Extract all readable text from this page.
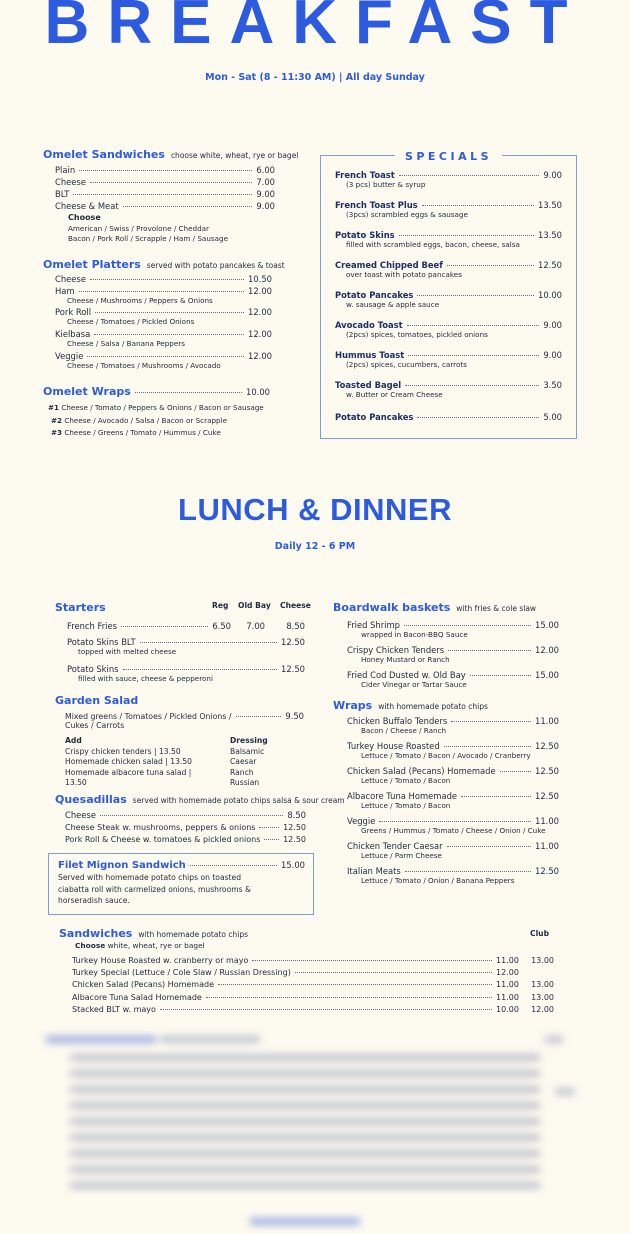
BREAKFAST
Mon - Sat (8 - 11:30 AM) | All day Sunday
Omelet Sandwiches choose white, wheat, rye or bagel
Plain	6.00
Cheese	7.00
BLT	9.00
Cheese & Meat	9.00
Choose
American / Swiss / Provolone / Cheddar
Bacon / Pork Roll / Scrapple / Ham / Sausage
Omelet Platters served with potato pancakes & toast
Cheese	10.50
Ham	12.00
Cheese / Mushrooms / Peppers & Onions
Pork Roll	12.00
Cheese / Tomatoes / Pickled Onions
Kielbasa	12.00
Cheese / Salsa / Banana Peppers
Veggie	12.00
Cheese / Tomatoes / Mushrooms / Avocado
Omelet Wraps	10.00
#1 Cheese / Tomato / Peppers & Onions / Bacon or Sausage
#2 Cheese / Avocado / Salsa / Bacon or Scrapple
#3 Cheese / Greens / Tomato / Hummus / Cuke
SPECIALS
French Toast	9.00
(3 pcs) butter & syrup
French Toast Plus	13.50
(3pcs) scrambled eggs & sausage
Potato Skins	13.50
filled with scrambled eggs, bacon, cheese, salsa
Creamed Chipped Beef	12.50
over toast with potato pancakes
Potato Pancakes	10.00
w. sausage & apple sauce
Avocado Toast	9.00
(2pcs) spices, tomatoes, pickled onions
Hummus Toast	9.00
(2pcs) spices, cucumbers, carrots
Toasted Bagel	3.50
w. Butter or Cream Cheese
Potato Pancakes	5.00
LUNCH & DINNER
Daily 12 - 6 PM
Starters	Reg Old Bay Cheese
French Fries	6.50	7.00	8.50
Potato Skins BLT	12.50
topped with melted cheese
Potato Skins	12.50
filled with sauce, cheese & pepperoni
Garden Salad
Mixed greens / Tomatoes / Pickled Onions /	9.50
Cukes / Carrots
Add
Crispy chicken tenders | 13.50
Homemade chicken salad | 13.50
Homemade albacore tuna salad |
13.50
Dressing
Balsamic
Caesar
Ranch
Russian
Quesadillas served with homemade potato chips salsa & sour cream
Cheese	8.50
Cheese Steak w. mushrooms, peppers & onions	12.50
Pork Roll & Cheese w. tomatoes & pickled onions	12.50
Filet Mignon Sandwich	15.00
Served with homemade potato chips on toasted
ciabatta roll with carmelized onions, mushrooms &
horseradish sauce.
Boardwalk baskets with fries & cole slaw
Fried Shrimp	15.00
wrapped in Bacon-BBQ Sauce
Crispy Chicken Tenders	12.00
Honey Mustard or Ranch
Fried Cod Dusted w. Old Bay	15.00
Cider Vinegar or Tartar Sauce
Wraps with homemade potato chips
Chicken Buffalo Tenders	11.00
Bacon / Cheese / Ranch
Turkey House Roasted	12.50
Lettuce / Tomato / Bacon / Avocado / Cranberry
Chicken Salad (Pecans) Homemade	12.50
Lettuce / Tomato / Bacon
Albacore Tuna Homemade	12.50
Lettuce / Tomato / Bacon
Veggie	11.00
Greens / Hummus / Tomato / Cheese / Onion / Cuke
Chicken Tender Caesar	11.00
Lettuce / Parm Cheese
Italian Meats	12.50
Lettuce / Tomato / Onion / Banana Peppers
Sandwiches with homemade potato chips
Choose white, wheat, rye or bagel
Club
Turkey House Roasted w. cranberry or mayo	11.00	13.00
Turkey Special (Lettuce / Cole Slaw / Russian Dressing)	12.00
Chicken Salad (Pecans) Homemade	11.00	13.00
Albacore Tuna Salad Homemade	11.00	13.00
Stacked BLT w. mayo	10.00	12.00
